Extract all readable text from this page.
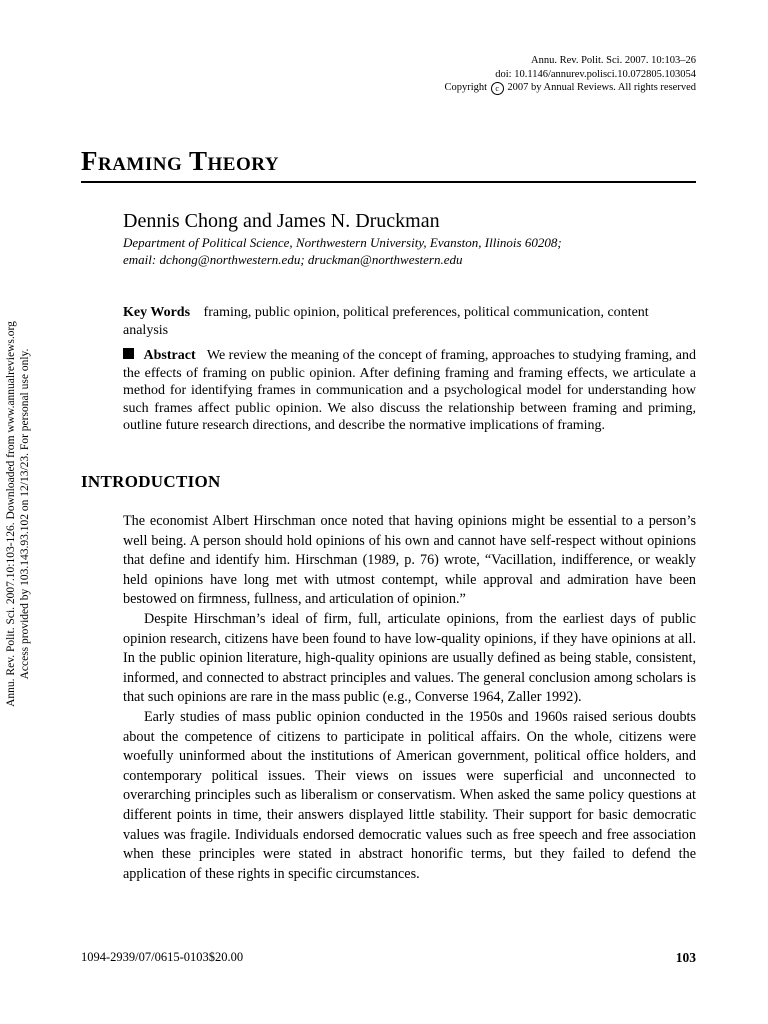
Annu. Rev. Polit. Sci. 2007.10:103-126. Downloaded from www.annualreviews.org Access provided by 103.143.93.102 on 12/13/23. For personal use only.
Annu. Rev. Polit. Sci. 2007. 10:103–26
doi: 10.1146/annurev.polisci.10.072805.103054
Copyright c 2007 by Annual Reviews. All rights reserved
Framing Theory
Dennis Chong and James N. Druckman
Department of Political Science, Northwestern University, Evanston, Illinois 60208;
email: dchong@northwestern.edu; druckman@northwestern.edu
Key Words framing, public opinion, political preferences, political communication, content analysis
Abstract We review the meaning of the concept of framing, approaches to studying framing, and the effects of framing on public opinion. After defining framing and framing effects, we articulate a method for identifying frames in communication and a psychological model for understanding how such frames affect public opinion. We also discuss the relationship between framing and priming, outline future research directions, and describe the normative implications of framing.
INTRODUCTION

The economist Albert Hirschman once noted that having opinions might be essential to a person’s well being. A person should hold opinions of his own and cannot have self-respect without opinions that define and identify him. Hirschman (1989, p. 76) wrote, “Vacillation, indifference, or weakly held opinions have long met with utmost contempt, while approval and admiration have been bestowed on firmness, fullness, and articulation of opinion.”

Despite Hirschman’s ideal of firm, full, articulate opinions, from the earliest days of public opinion research, citizens have been found to have low-quality opinions, if they have opinions at all. In the public opinion literature, high-quality opinions are usually defined as being stable, consistent, informed, and connected to abstract principles and values. The general conclusion among scholars is that such opinions are rare in the mass public (e.g., Converse 1964, Zaller 1992).

Early studies of mass public opinion conducted in the 1950s and 1960s raised serious doubts about the competence of citizens to participate in political affairs. On the whole, citizens were woefully uninformed about the institutions of American government, political office holders, and contemporary political issues. Their views on issues were superficial and unconnected to overarching principles such as liberalism or conservatism. When asked the same policy questions at different points in time, their answers displayed little stability. Their support for basic democratic values was fragile. Individuals endorsed democratic values such as free speech and free association when these principles were stated in abstract honorific terms, but they failed to defend the application of these rights in specific circumstances.

1094-2939/07/0615-0103$20.00	103
